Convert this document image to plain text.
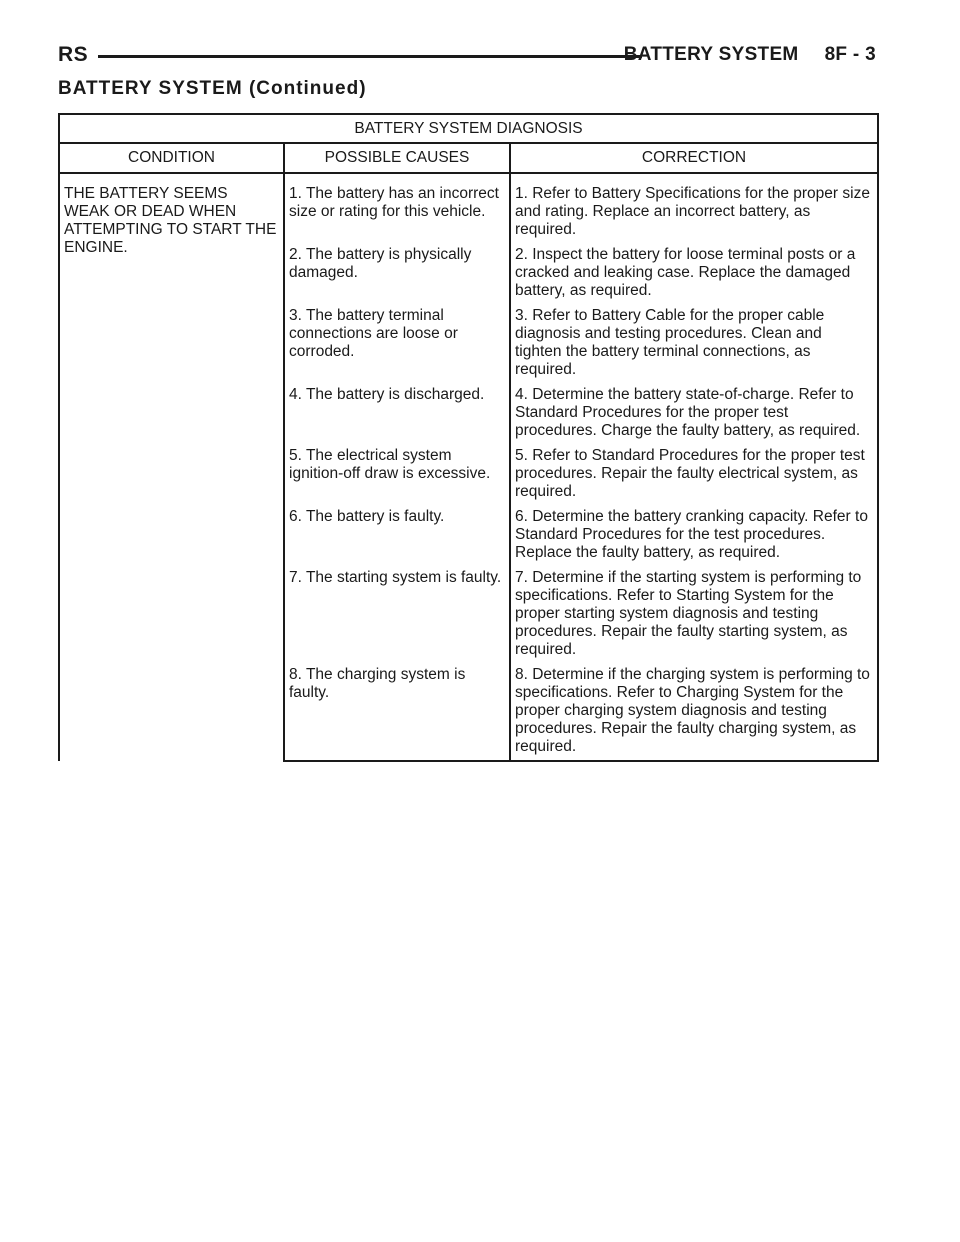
RS	BATTERY SYSTEM 8F - 3
BATTERY SYSTEM (Continued)
BATTERY SYSTEM DIAGNOSIS		
CONDITION	POSSIBLE CAUSES	CORRECTION
THE BATTERY SEEMS WEAK OR DEAD WHEN ATTEMPTING TO START THE ENGINE.	1. The battery has an incorrect size or rating for this vehicle.	1. Refer to Battery Specifications for the proper size and rating. Replace an incorrect battery, as required.
	2. The battery is physically damaged.	2. Inspect the battery for loose terminal posts or a cracked and leaking case. Replace the damaged battery, as required.
	3. The battery terminal connections are loose or corroded.	3. Refer to Battery Cable for the proper cable diagnosis and testing procedures. Clean and tighten the battery terminal connections, as required.
	4. The battery is discharged.	4. Determine the battery state-of-charge. Refer to Standard Procedures for the proper test procedures. Charge the faulty battery, as required.
	5. The electrical system ignition-off draw is excessive.	5. Refer to Standard Procedures for the proper test procedures. Repair the faulty electrical system, as required.
	6. The battery is faulty.	6. Determine the battery cranking capacity. Refer to Standard Procedures for the test procedures. Replace the faulty battery, as required.
	7. The starting system is faulty.	7. Determine if the starting system is performing to specifications. Refer to Starting System for the proper starting system diagnosis and testing procedures. Repair the faulty starting system, as required.
	8. The charging system is faulty.	8. Determine if the charging system is performing to specifications. Refer to Charging System for the proper charging system diagnosis and testing procedures. Repair the faulty charging system, as required.
